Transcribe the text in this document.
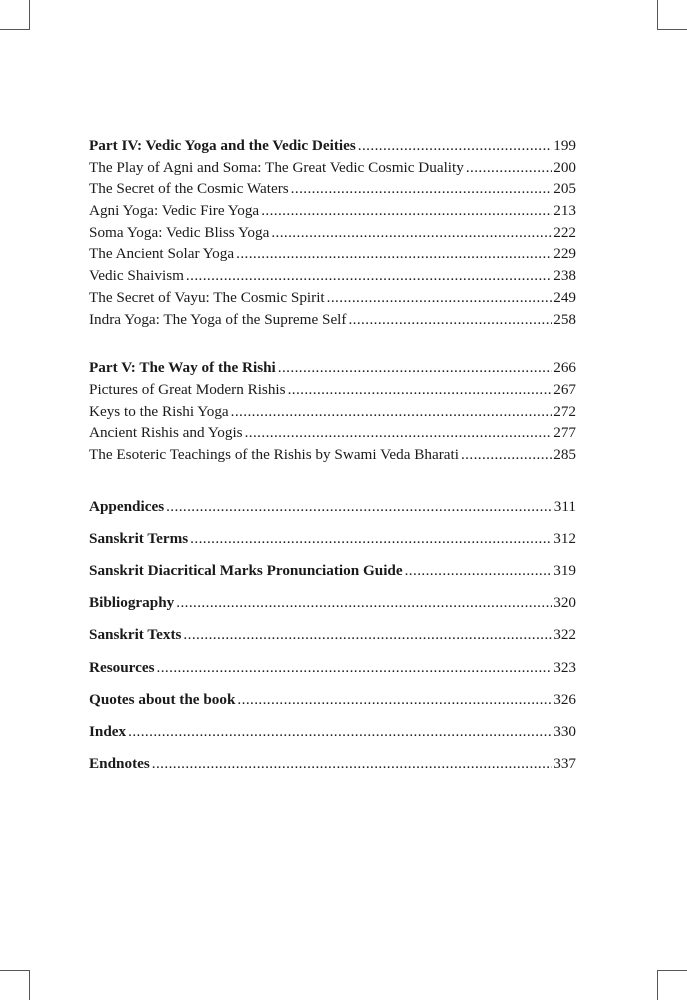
Part IV: Vedic Yoga and the Vedic Deities .....	199
The Play of Agni and Soma: The Great Vedic Cosmic Duality .....	200
The Secret of the Cosmic Waters .....	205
Agni Yoga: Vedic Fire Yoga .....	213
Soma Yoga: Vedic Bliss Yoga .....	222
The Ancient Solar Yoga .....	229
Vedic Shaivism .....	238
The Secret of Vayu: The Cosmic Spirit .....	249
Indra Yoga: The Yoga of the Supreme Self .....	258
Part V: The Way of the Rishi .....	266
Pictures of Great Modern Rishis .....	267
Keys to the Rishi Yoga .....	272
Ancient Rishis and Yogis .....	277
The Esoteric Teachings of the Rishis by Swami Veda Bharati .....	285
Appendices .....	311
Sanskrit Terms .....	312
Sanskrit Diacritical Marks Pronunciation Guide .....	319
Bibliography .....	320
Sanskrit Texts .....	322
Resources .....	323
Quotes about the book .....	326
Index .....	330
Endnotes .....	337
